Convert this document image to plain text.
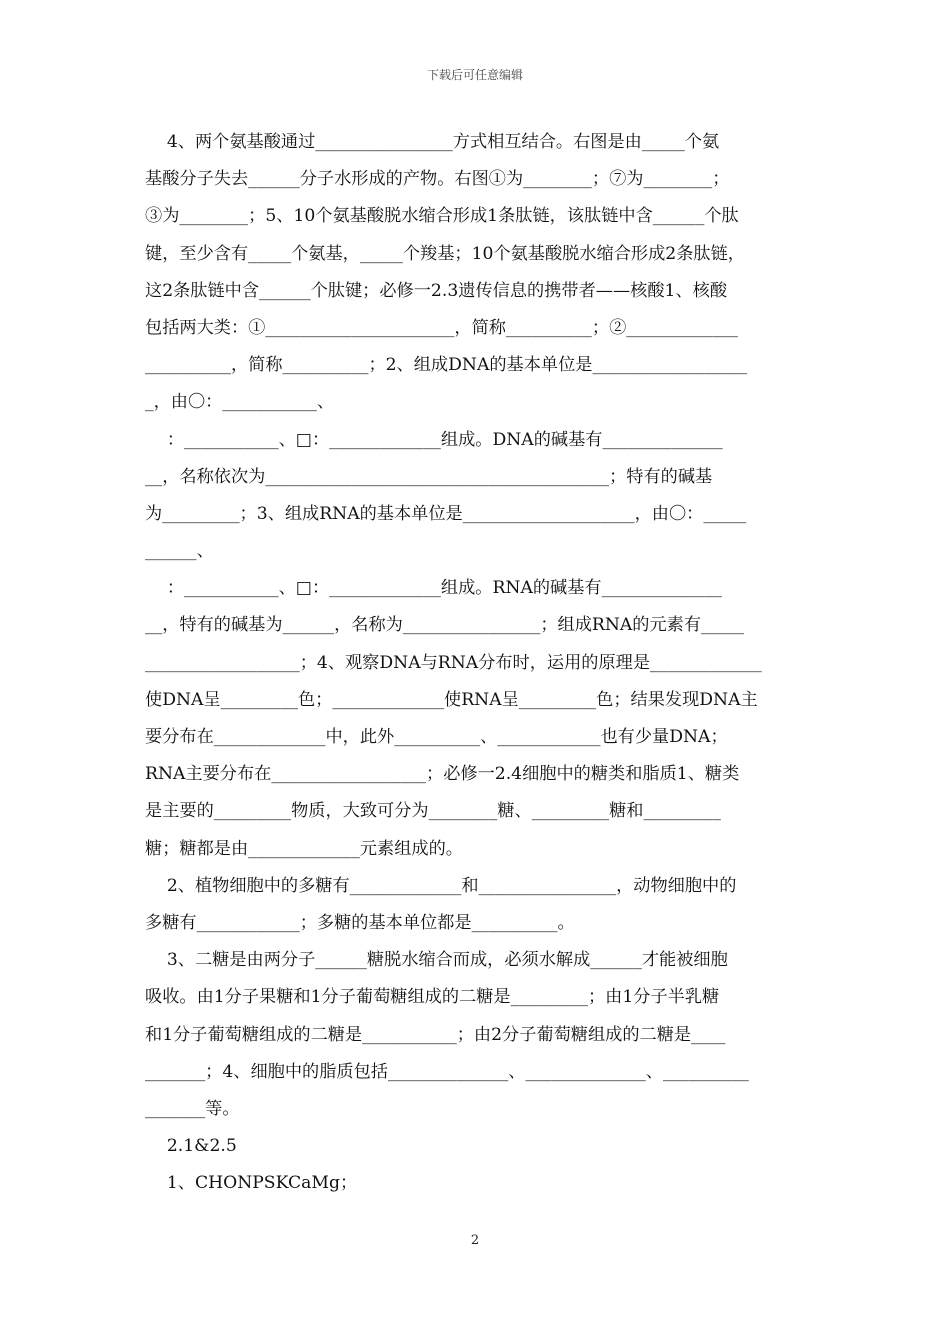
下载后可任意编辑
4、两个氨基酸通过________________方式相互结合。右图是由_____个氨
基酸分子失去______分子水形成的产物。右图①为________；⑦为________；
③为________；5、10个氨基酸脱水缩合形成1条肽链，该肽链中含______个肽
键，至少含有_____个氨基，_____个羧基；10个氨基酸脱水缩合形成2条肽链，
这2条肽链中含______个肽键；必修一2.3遗传信息的携带者——核酸1、核酸
包括两大类：①______________________，简称__________；②_____________
__________，简称__________；2、组成DNA的基本单位是__________________
_，由〇：___________、
：___________、□：_____________组成。DNA的碱基有______________
__，名称依次为________________________________________；特有的碱基
为_________；3、组成RNA的基本单位是____________________，由〇：_____
______、
：___________、□：_____________组成。RNA的碱基有______________
__，特有的碱基为______，名称为________________；组成RNA的元素有_____
__________________；4、观察DNA与RNA分布时，运用的原理是_____________
使DNA呈_________色；_____________使RNA呈_________色；结果发现DNA主
要分布在_____________中，此外__________、____________也有少量DNA；
RNA主要分布在__________________；必修一2.4细胞中的糖类和脂质1、糖类
是主要的_________物质，大致可分为________糖、_________糖和_________
糖；糖都是由_____________元素组成的。
2、植物细胞中的多糖有_____________和________________，动物细胞中的
多糖有____________；多糖的基本单位都是__________。
3、二糖是由两分子______糖脱水缩合而成，必须水解成______才能被细胞
吸收。由1分子果糖和1分子葡萄糖组成的二糖是_________；由1分子半乳糖
和1分子葡萄糖组成的二糖是___________；由2分子葡萄糖组成的二糖是____
_______；4、细胞中的脂质包括______________、______________、__________
_______等。
2.1&2.5
1、CHONPSKCaMg；
2
